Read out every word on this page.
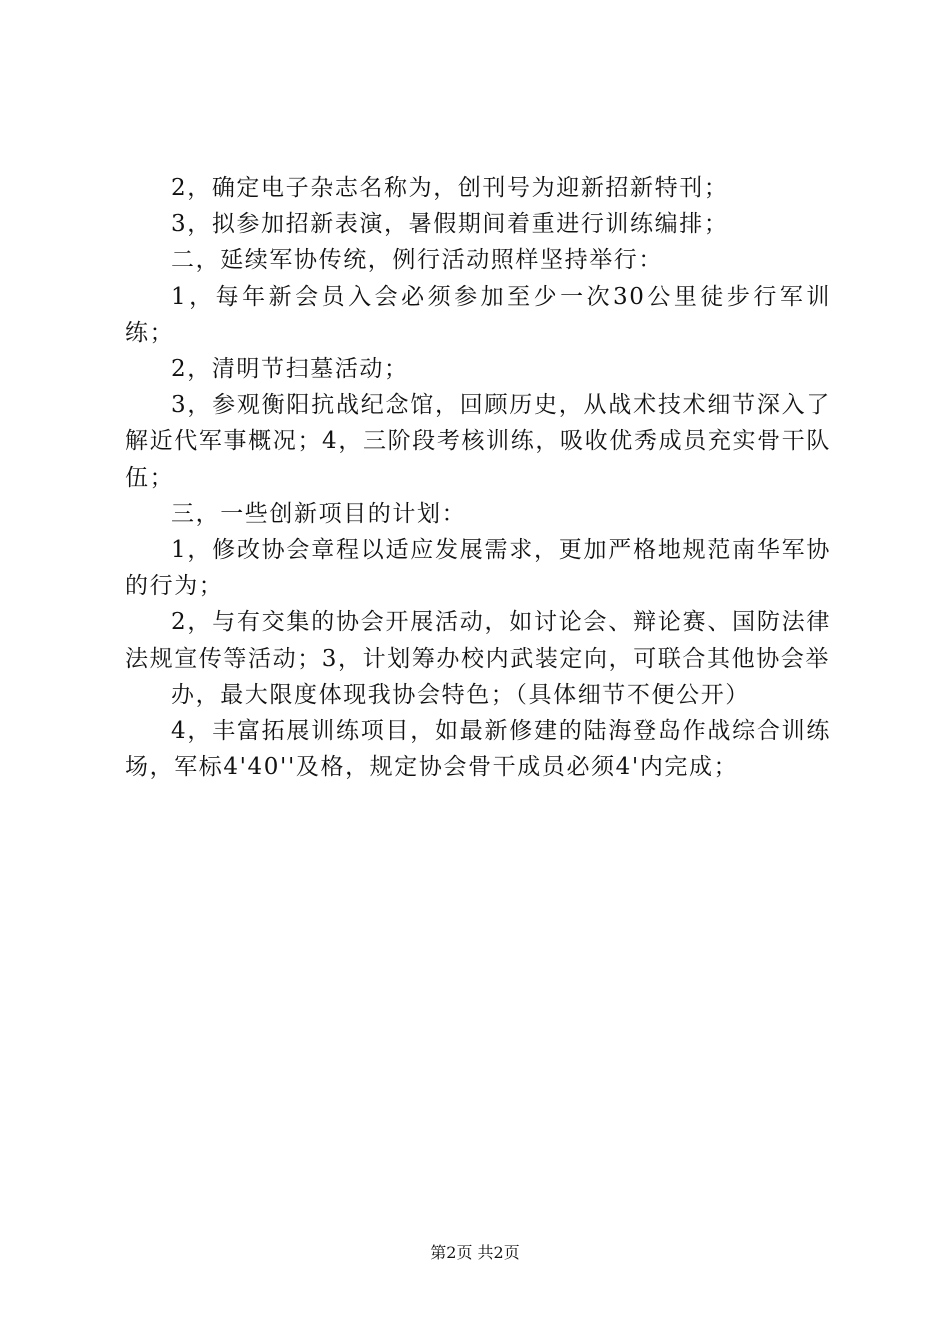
2，确定电子杂志名称为，创刊号为迎新招新特刊；

3，拟参加招新表演，暑假期间着重进行训练编排；

二，延续军协传统，例行活动照样坚持举行：

1，每年新会员入会必须参加至少一次30公里徒步行军训练；

2，清明节扫墓活动；

3，参观衡阳抗战纪念馆，回顾历史，从战术技术细节深入了解近代军事概况；4，三阶段考核训练，吸收优秀成员充实骨干队伍；

三，一些创新项目的计划：

1，修改协会章程以适应发展需求，更加严格地规范南华军协的行为；

2，与有交集的协会开展活动，如讨论会、辩论赛、国防法律法规宣传等活动；3，计划筹办校内武装定向，可联合其他协会举

办，最大限度体现我协会特色；（具体细节不便公开）

4，丰富拓展训练项目，如最新修建的陆海登岛作战综合训练场，军标4'40''及格，规定协会骨干成员必须4'内完成；

第2页 共2页
